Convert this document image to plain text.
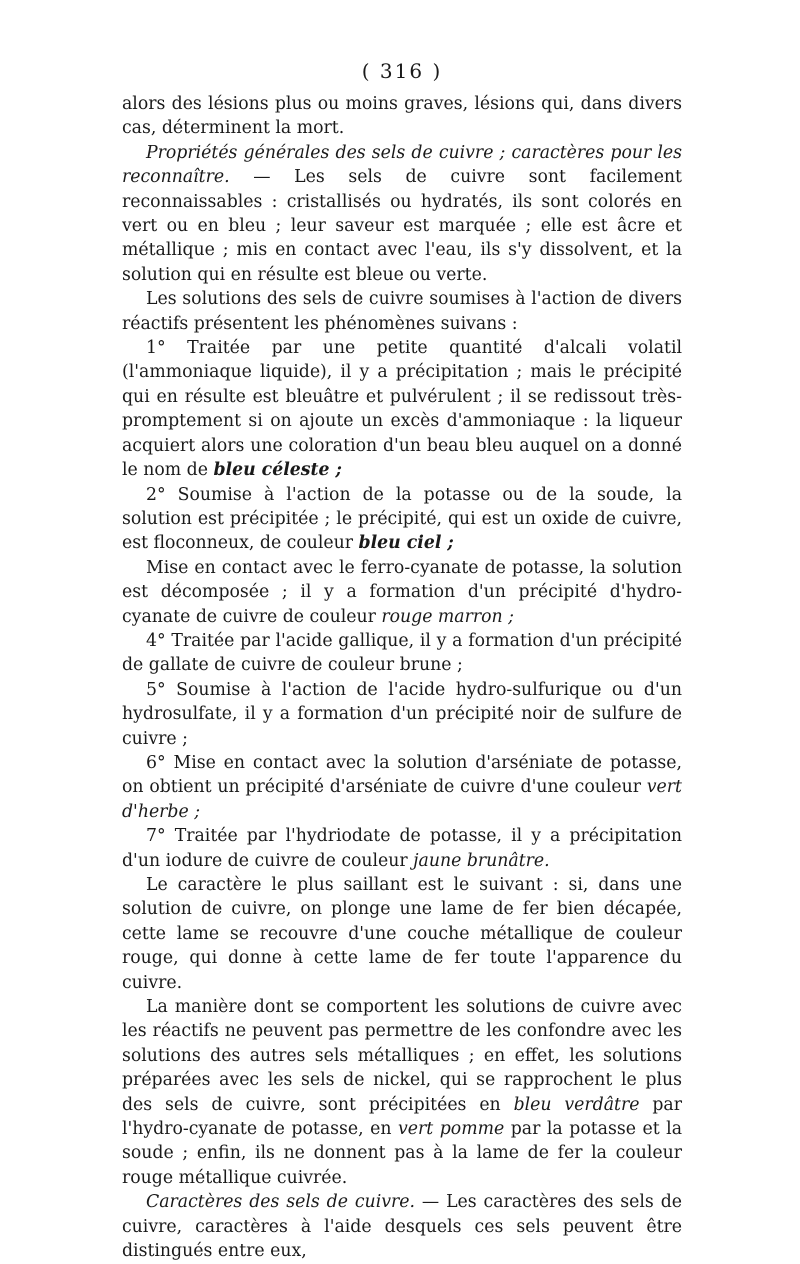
( 316 )

alors des lésions plus ou moins graves, lésions qui, dans divers cas, déterminent la mort.

Propriétés générales des sels de cuivre ; caractères pour les reconnaître. — Les sels de cuivre sont facilement reconnaissables : cristallisés ou hydratés, ils sont colorés en vert ou en bleu ; leur saveur est marquée ; elle est âcre et métallique ; mis en contact avec l'eau, ils s'y dissolvent, et la solution qui en résulte est bleue ou verte.

Les solutions des sels de cuivre soumises à l'action de divers réactifs présentent les phénomènes suivans :

1° Traitée par une petite quantité d'alcali volatil (l'ammoniaque liquide), il y a précipitation ; mais le précipité qui en résulte est bleuâtre et pulvérulent ; il se redissout très-promptement si on ajoute un excès d'ammoniaque : la liqueur acquiert alors une coloration d'un beau bleu auquel on a donné le nom de bleu céleste ;

2° Soumise à l'action de la potasse ou de la soude, la solution est précipitée ; le précipité, qui est un oxide de cuivre, est floconneux, de couleur bleu ciel ;

Mise en contact avec le ferro-cyanate de potasse, la solution est décomposée ; il y a formation d'un précipité d'hydro-cyanate de cuivre de couleur rouge marron ;

4° Traitée par l'acide gallique, il y a formation d'un précipité de gallate de cuivre de couleur brune ;

5° Soumise à l'action de l'acide hydro-sulfurique ou d'un hydrosulfate, il y a formation d'un précipité noir de sulfure de cuivre ;

6° Mise en contact avec la solution d'arséniate de potasse, on obtient un précipité d'arséniate de cuivre d'une couleur vert d'herbe ;

7° Traitée par l'hydriodate de potasse, il y a précipitation d'un iodure de cuivre de couleur jaune brunâtre.

Le caractère le plus saillant est le suivant : si, dans une solution de cuivre, on plonge une lame de fer bien décapée, cette lame se recouvre d'une couche métallique de couleur rouge, qui donne à cette lame de fer toute l'apparence du cuivre.

La manière dont se comportent les solutions de cuivre avec les réactifs ne peuvent pas permettre de les confondre avec les solutions des autres sels métalliques ; en effet, les solutions préparées avec les sels de nickel, qui se rapprochent le plus des sels de cuivre, sont précipitées en bleu verdâtre par l'hydro-cyanate de potasse, en vert pomme par la potasse et la soude ; enfin, ils ne donnent pas à la lame de fer la couleur rouge métallique cuivrée.

Caractères des sels de cuivre. — Les caractères des sels de cuivre, caractères à l'aide desquels ces sels peuvent être distingués entre eux,
